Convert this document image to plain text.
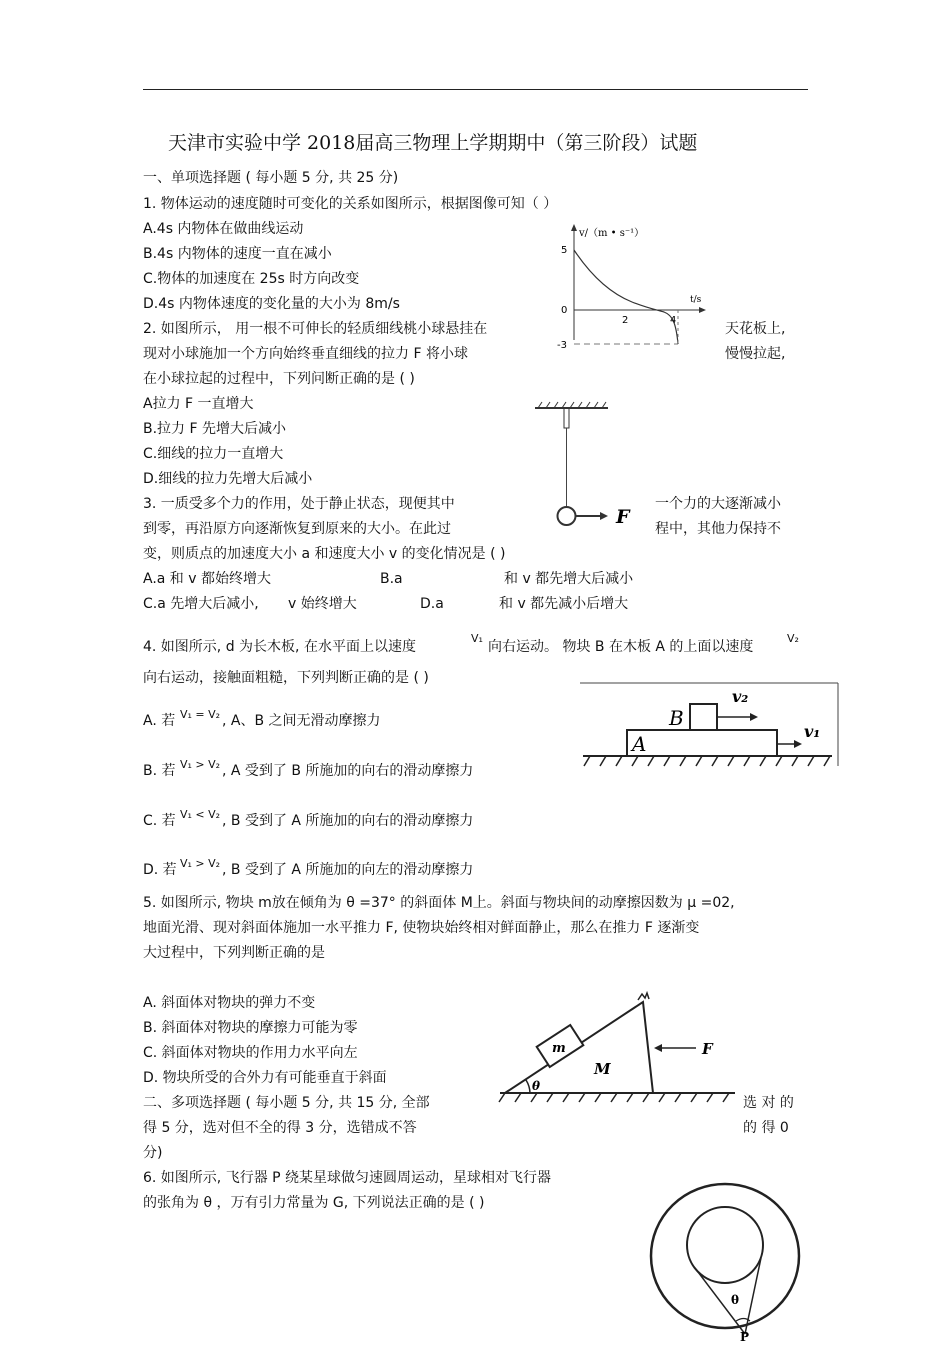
天津市实验中学 2018届高三物理上学期期中（第三阶段）试题
一、单项选择题 ( 每小题 5 分, 共 25 分)
1. 物体运动的速度随时可变化的关系如图所示，根据图像可知（ ）
A.4s 内物体在做曲线运动
B.4s 内物体的速度一直在减小
C.物体的加速度在 25s 时方向改变
D.4s 内物体速度的变化量的大小为 8m/s
v/（m • s⁻¹）
t/s
5
0
-3
2	4
2. 如图所示， 用一根不可伸长的轻质细线桃小球悬挂在	天花板上,
现对小球施加一个方向始终垂直细线的拉力 F 将小球	慢慢拉起,
在小球拉起的过程中，下列问断正确的是 ( )
A拉力 F 一直增大
B.拉力 F 先增大后减小
C.细线的拉力一直增大
D.细线的拉力先增大后减小
F
3. 一质受多个力的作用，处于静止状态，现便其中	一个力的大逐渐减小
到零，再沿原方向逐渐恢复到原来的大小。在此过	程中，其他力保持不
变，则质点的加速度大小 a 和速度大小 v 的变化情况是 ( )
A.a 和 v 都始终增大	B.a	和 v 都先增大后减小
C.a 先增大后减小, v 始终增大	D.a	和 v 都先减小后增大
4. 如图所示, d 为长木板, 在水平面上以速度
V₁
向右运动。 物块 B 在木板 A 的上面以速度
V₂
向右运动，接触面粗糙，下列判断正确的是 ( )
A. 若 V₁ = V₂ , A、B 之间无滑动摩擦力
B. 若 V₁ > V₂ , A 受到了 B 所施加的向右的滑动摩擦力
C. 若 V₁ < V₂ , B 受到了 A 所施加的向右的滑动摩擦力
D. 若 V₁ > V₂ , B 受到了 A 所施加的向左的滑动摩擦力
A
B
v₂
v₁
5. 如图所示, 物块 m放在倾角为 θ =37° 的斜面体 M上。斜面与物块间的动摩擦因数为 μ =02,
地面光滑、现对斜面体施加一水平推力 F, 使物块始终相对鲜面静止，那么在推力 F 逐渐变
大过程中，下列判断正确的是
A. 斜面体对物块的弹力不变
B. 斜面体对物块的摩擦力可能为零
C. 斜面体对物块的作用力水平向左
D. 物块所受的合外力有可能垂直于斜面
m
M
F
θ
二、多项选择题 ( 每小题 5 分, 共 15 分, 全部	选 对 的
得 5 分，选对但不全的得 3 分，选错成不答	的 得 0
分)
6. 如图所示, 飞行器 P 绕某星球做匀速圆周运动，星球相对飞行器
的张角为 θ ，万有引力常量为 G, 下列说法正确的是 ( )
θ
P
